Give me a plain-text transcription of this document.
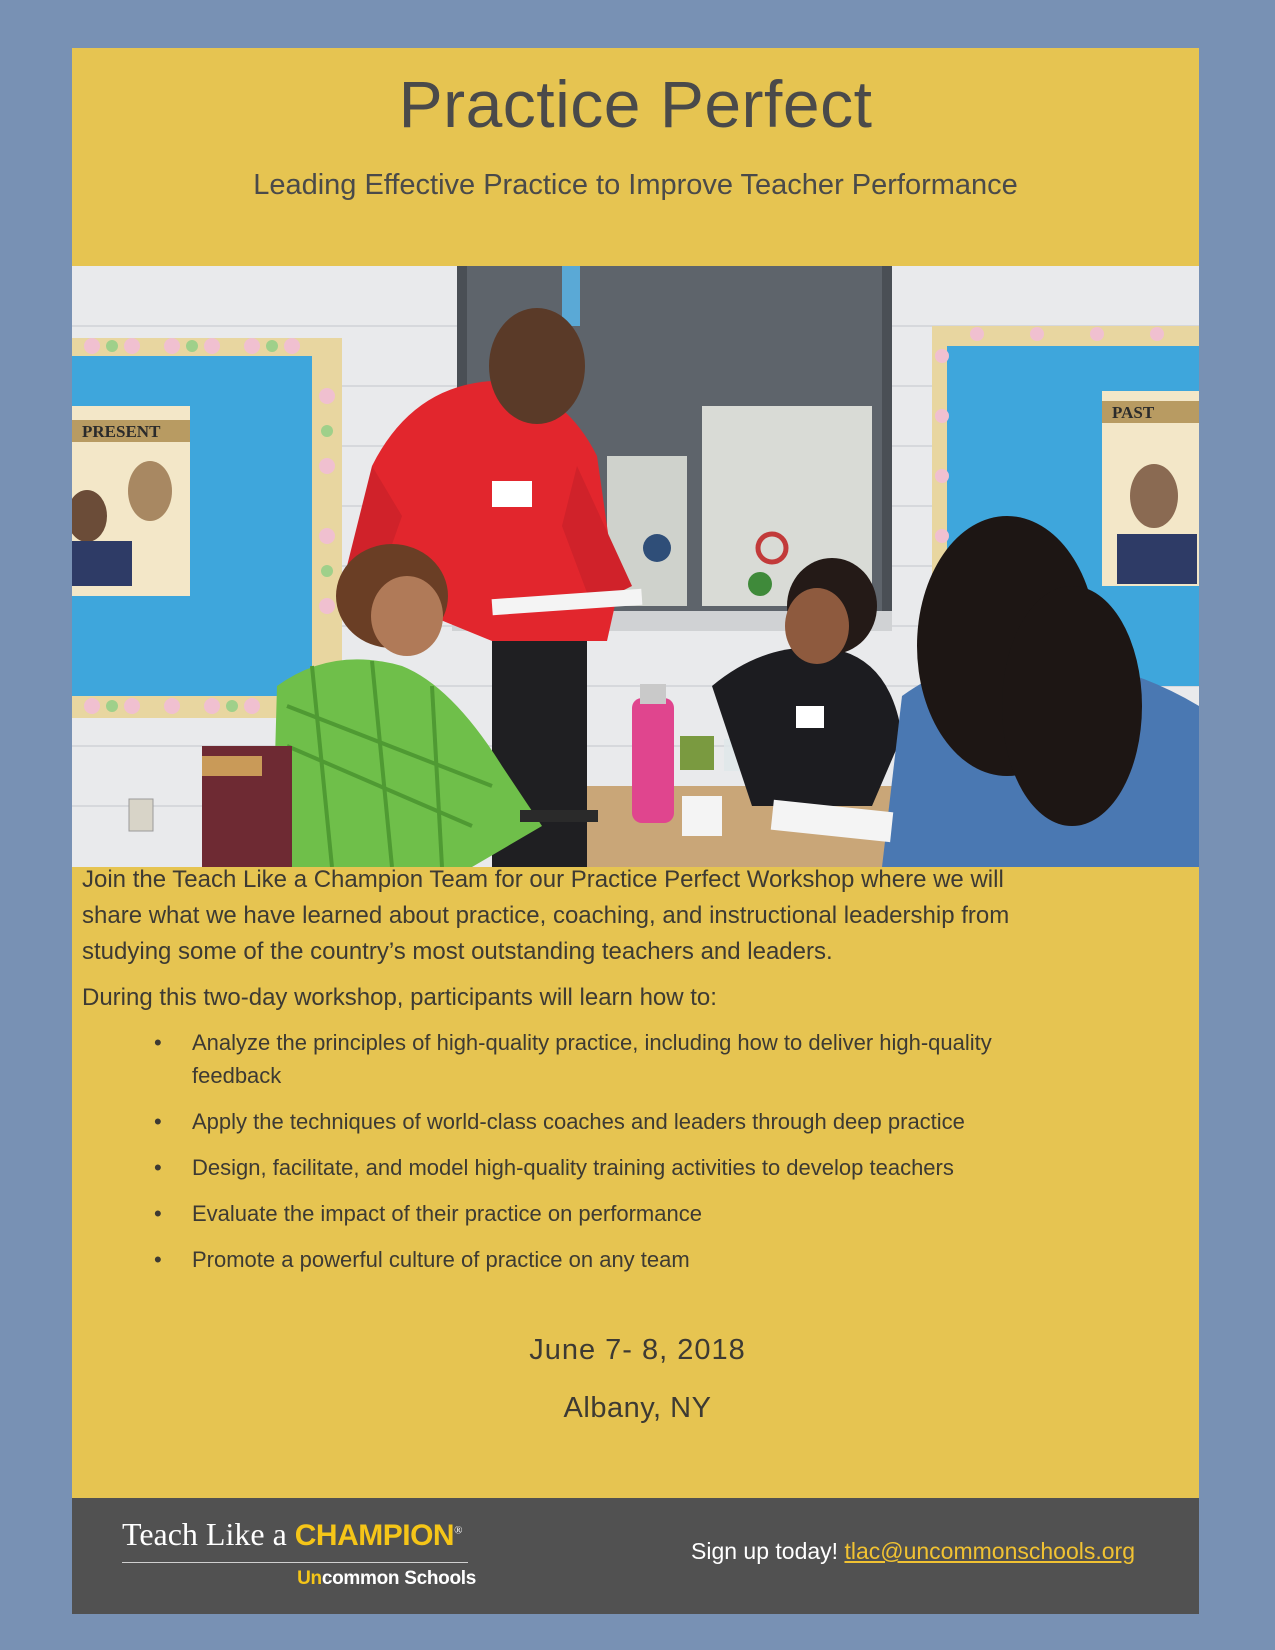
Practice Perfect

Leading Effective Practice to Improve Teacher Performance

PRESENT
PAST

Join the Teach Like a Champion Team for our Practice Perfect Workshop where we will share what we have learned about practice, coaching, and instructional leadership from studying some of the country’s most outstanding teachers and leaders.

During this two-day workshop, participants will learn how to:

• Analyze the principles of high-quality practice, including how to deliver high-quality feedback
• Apply the techniques of world-class coaches and leaders through deep practice
• Design, facilitate, and model high-quality training activities to develop teachers
• Evaluate the impact of their practice on performance
• Promote a powerful culture of practice on any team

June 7- 8, 2018

Albany, NY

Teach Like a CHAMPION®
Uncommon Schools
Sign up today! tlac@uncommonschools.org
